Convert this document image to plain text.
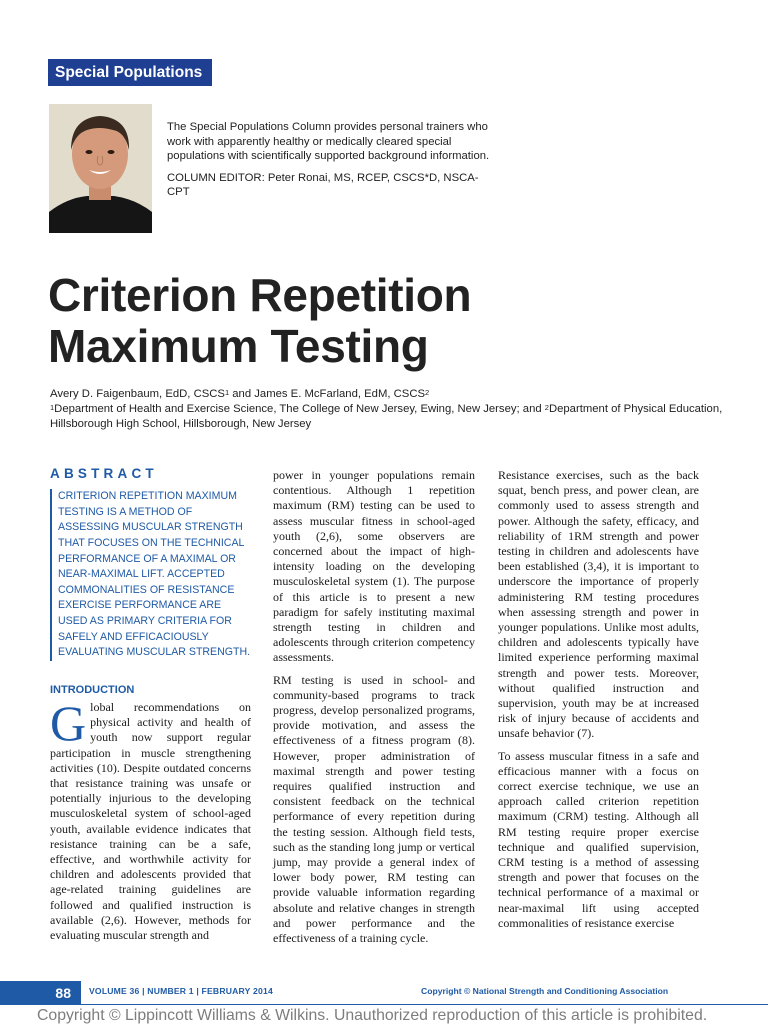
Special Populations

The Special Populations Column provides personal trainers who work with apparently healthy or medically cleared special populations with scientifically supported background information.

COLUMN EDITOR: Peter Ronai, MS, RCEP, CSCS*D, NSCA-CPT

Criterion Repetition
Maximum Testing
Avery D. Faigenbaum, EdD, CSCS$^1$ and James E. McFarland, EdM, CSCS$^2$
$^1$Department of Health and Exercise Science, The College of New Jersey, Ewing, New Jersey; and $^2$Department of Physical Education, Hillsborough High School, Hillsborough, New Jersey
ABSTRACT
CRITERION REPETITION MAXIMUM TESTING IS A METHOD OF ASSESSING MUSCULAR STRENGTH THAT FOCUSES ON THE TECHNICAL PERFORMANCE OF A MAXIMAL OR NEAR-MAXIMAL LIFT. ACCEPTED COMMONALITIES OF RESISTANCE EXERCISE PERFORMANCE ARE USED AS PRIMARY CRITERIA FOR SAFELY AND EFFICACIOUSLY EVALUATING MUSCULAR STRENGTH.
INTRODUCTION

Global recommendations on physical activity and health of youth now support regular participation in muscle strengthening activities (10). Despite outdated concerns that resistance training was unsafe or potentially injurious to the developing musculoskeletal system of school-aged youth, available evidence indicates that resistance training can be a safe, effective, and worthwhile activity for children and adolescents provided that age-related training guidelines are followed and qualified instruction is available (2,6). However, methods for evaluating muscular strength and

power in younger populations remain contentious. Although 1 repetition maximum (RM) testing can be used to assess muscular fitness in school-aged youth (2,6), some observers are concerned about the impact of high-intensity loading on the developing musculoskeletal system (1). The purpose of this article is to present a new paradigm for safely instituting maximal strength testing in children and adolescents through criterion competency assessments.

RM testing is used in school- and community-based programs to track progress, develop personalized programs, provide motivation, and assess the effectiveness of a fitness program (8). However, proper administration of maximal strength and power testing requires qualified instruction and consistent feedback on the technical performance of every repetition during the testing session. Although field tests, such as the standing long jump or vertical jump, may provide a general index of lower body power, RM testing can provide valuable information regarding absolute and relative changes in strength and power performance and the effectiveness of a training cycle.

Resistance exercises, such as the back squat, bench press, and power clean, are commonly used to assess strength and power. Although the safety, efficacy, and reliability of 1RM strength and power testing in children and adolescents have been established (3,4), it is important to underscore the importance of properly administering RM testing procedures when assessing strength and power in younger populations. Unlike most adults, children and adolescents typically have limited experience performing maximal strength and power tests. Moreover, without qualified instruction and supervision, youth may be at increased risk of injury because of accidents and unsafe behavior (7).

To assess muscular fitness in a safe and efficacious manner with a focus on correct exercise technique, we use an approach called criterion repetition maximum (CRM) testing. Although all RM testing require proper exercise technique and qualified supervision, CRM testing is a method of assessing strength and power that focuses on the technical performance of a maximal or near-maximal lift using accepted commonalities of resistance exercise

88	VOLUME 36 | NUMBER 1 | FEBRUARY 2014	Copyright © National Strength and Conditioning Association
Copyright © Lippincott Williams & Wilkins. Unauthorized reproduction of this article is prohibited.
